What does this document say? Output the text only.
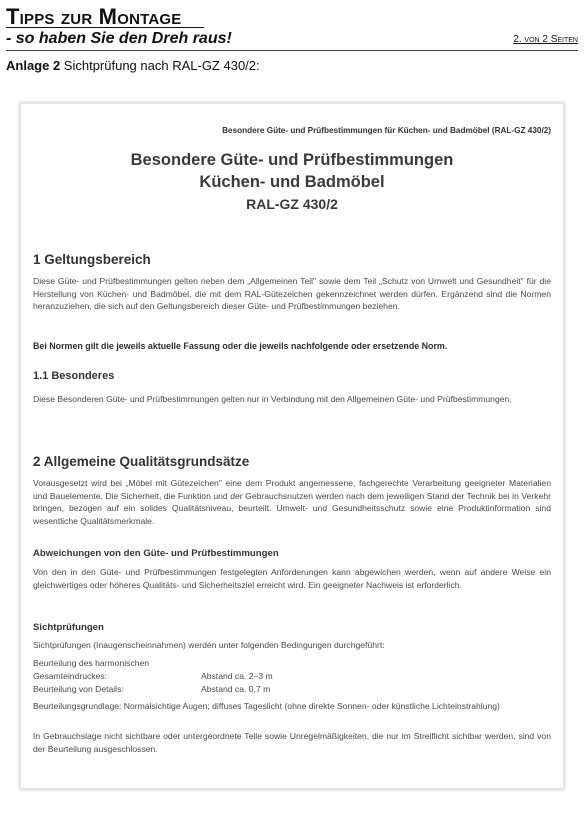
Tipps zur Montage
- so haben Sie den Dreh raus!	2. von 2 Seiten
Anlage 2 Sichtprüfung nach RAL-GZ 430/2:
Besondere Güte- und Prüfbestimmungen für Küchen- und Badmöbel (RAL-GZ 430/2)
Besondere Güte- und Prüfbestimmungen
Küchen- und Badmöbel
RAL-GZ 430/2
1 Geltungsbereich
Diese Güte- und Prüfbestimmungen gelten neben dem „Allgemeinen Teil" sowie dem Teil „Schutz von Umwelt und Gesundheit" für die Herstellung von Küchen- und Badmöbel, die mit dem RAL-Gütezeichen gekennzeichnet werden dürfen. Ergänzend sind die Normen heranzuziehen, die sich auf den Geltungsbereich dieser Güte- und Prüfbestimmungen beziehen.
Bei Normen gilt die jeweils aktuelle Fassung oder die jeweils nachfolgende oder ersetzende Norm.
1.1 Besonderes
Diese Besonderen Güte- und Prüfbestimmungen gelten nur in Verbindung mit den Allgemeinen Güte- und Prüfbestimmungen.
2 Allgemeine Qualitätsgrundsätze
Vorausgesetzt wird bei „Möbel mit Gütezeichen" eine dem Produkt angemessene, fachgerechte Verarbeitung geeigneter Materialien und Bauelemente. Die Sicherheit, die Funktion und der Gebrauchsnutzen werden nach dem jeweiligen Stand der Technik bei in Verkehr bringen, bezogen auf ein solides Qualitätsniveau, beurteilt. Umwelt- und Gesundheitsschutz sowie eine Produktinformation sind wesentliche Qualitätsmerkmale.
Abweichungen von den Güte- und Prüfbestimmungen
Von den in den Güte- und Prüfbestimmungen festgelegten Anforderungen kann abgewichen werden, wenn auf andere Weise ein gleichwertiges oder höheres Qualitäts- und Sicherheitsziel erreicht wird. Ein geeigneter Nachweis ist erforderlich.
Sichtprüfungen
Sichtprüfungen (Inaugenscheinnahmen) werden unter folgenden Bedingungen durchgeführt:
Beurteilung des harmonischen
Gesamteindruckes:	Abstand ca. 2–3 m
Beurteilung von Details:	Abstand ca. 0,7 m
Beurteilungsgrundlage: Normalsichtige Augen; diffuses Tageslicht (ohne direkte Sonnen- oder künstliche Lichteinstrahlung)
In Gebrauchslage nicht sichtbare oder untergeordnete Teile sowie Unregelmäßigkeiten, die nur im Streiflicht sichtbar werden, sind von der Beurteilung ausgeschlossen.
